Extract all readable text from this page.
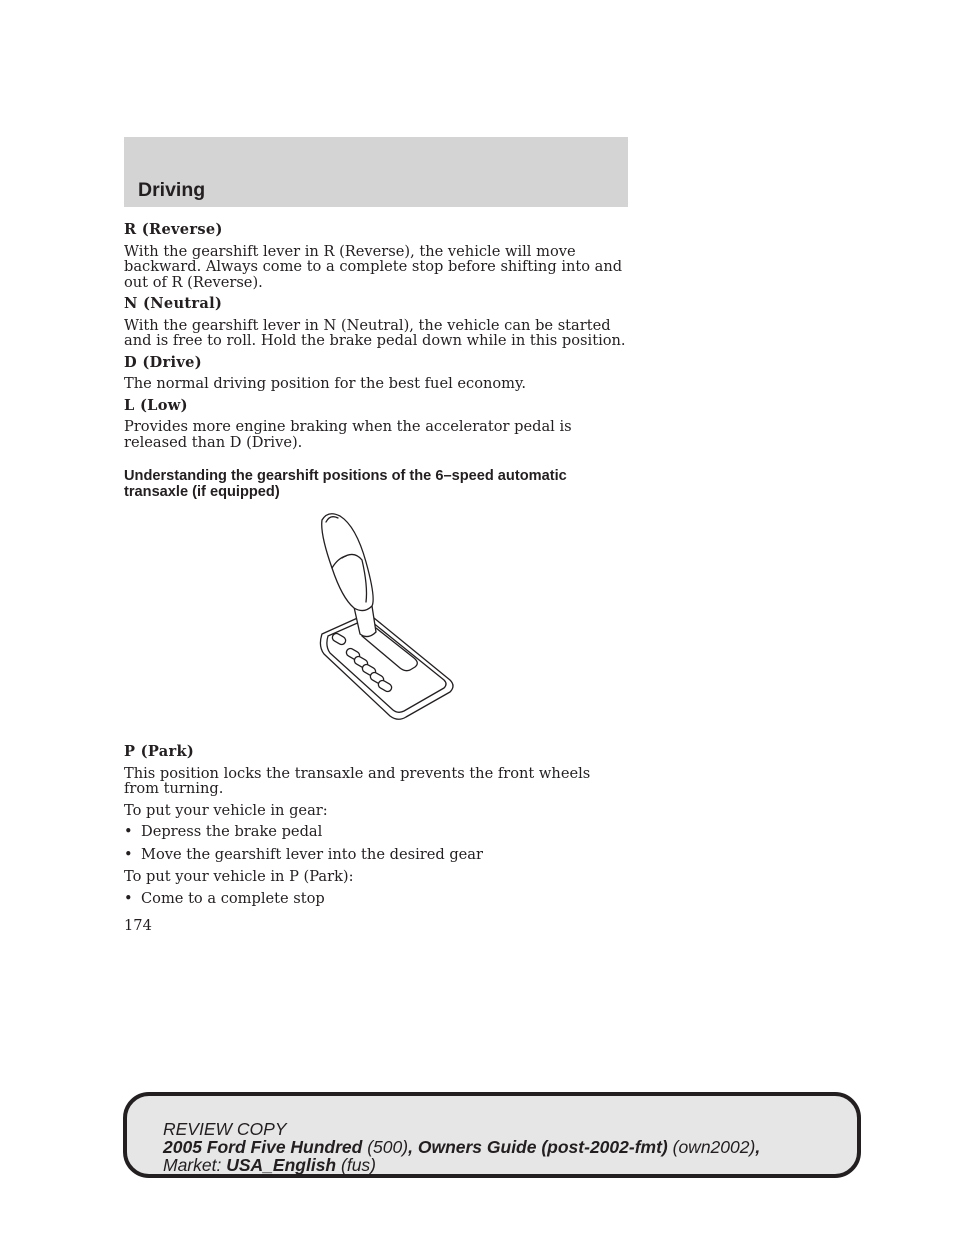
Driving

R (Reverse)

With the gearshift lever in R (Reverse), the vehicle will move backward. Always come to a complete stop before shifting into and out of R (Reverse).

N (Neutral)

With the gearshift lever in N (Neutral), the vehicle can be started and is free to roll. Hold the brake pedal down while in this position.

D (Drive)

The normal driving position for the best fuel economy.

L (Low)

Provides more engine braking when the accelerator pedal is released than D (Drive).

Understanding the gearshift positions of the 6–speed automatic transaxle (if equipped)

P (Park)

This position locks the transaxle and prevents the front wheels from turning.

To put your vehicle in gear:

• Depress the brake pedal
• Move the gearshift lever into the desired gear

To put your vehicle in P (Park):

• Come to a complete stop
174
REVIEW COPY
2005 Ford Five Hundred (500), Owners Guide (post-2002-fmt) (own2002),
Market: USA_English (fus)
